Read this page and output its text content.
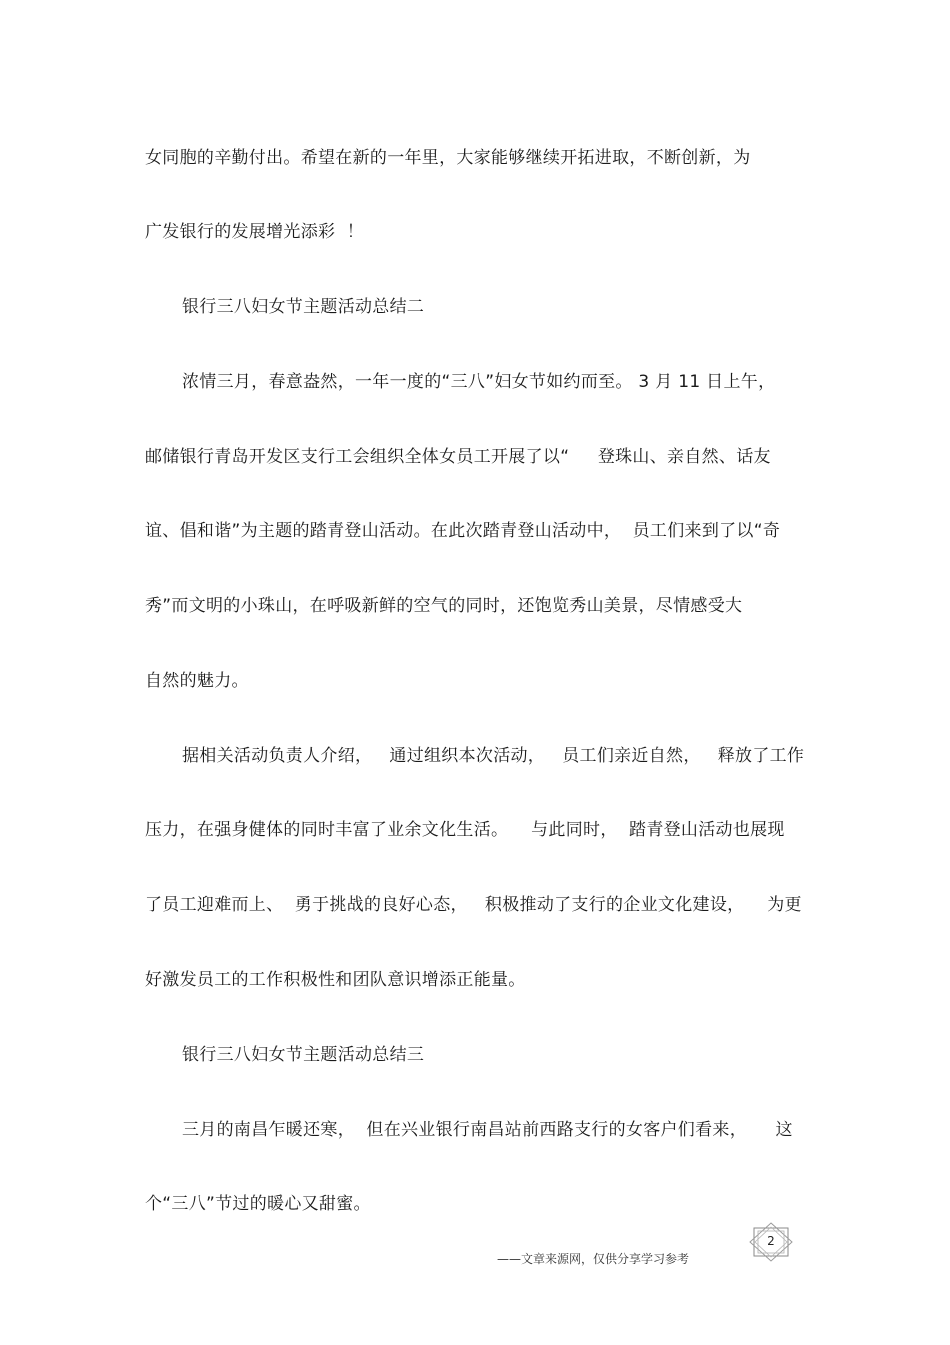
女同胞的辛勤付出。希望在新的一年里，大家能够继续开拓进取，不断创新，为
广发银行的发展增光添彩  ！
银行三八妇女节主题活动总结二
浓情三月，春意盎然，一年一度的“三八”妇女节如约而至。 3 月 11 日上午，
邮储银行青岛开发区支行工会组织全体女员工开展了以“     登珠山、亲自然、话友
谊、倡和谐”为主题的踏青登山活动。在此次踏青登山活动中，  员工们来到了以“奇
秀”而文明的小珠山，在呼吸新鲜的空气的同时，还饱览秀山美景，尽情感受大
自然的魅力。
据相关活动负责人介绍，   通过组织本次活动，   员工们亲近自然，   释放了工作
压力，在强身健体的同时丰富了业余文化生活。    与此同时，  踏青登山活动也展现
了员工迎难而上、  勇于挑战的良好心态，   积极推动了支行的企业文化建设，    为更
好激发员工的工作积极性和团队意识增添正能量。
银行三八妇女节主题活动总结三
三月的南昌乍暖还寒，  但在兴业银行南昌站前西路支行的女客户们看来，     这
个“三八”节过的暖心又甜蜜。
——文章来源网，仅供分享学习参考
2
